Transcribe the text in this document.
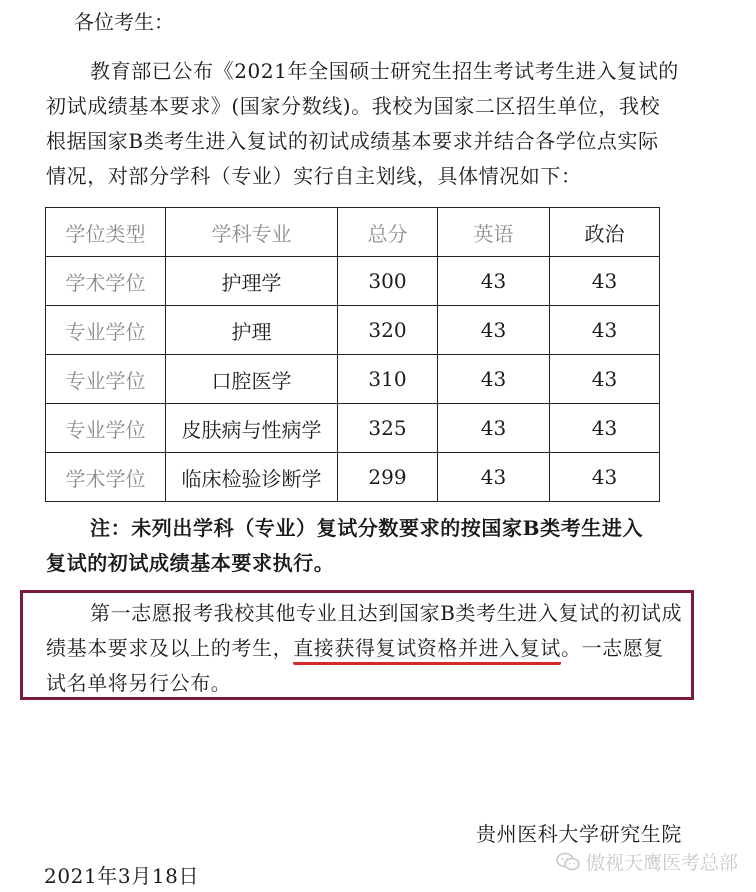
各位考生：
教育部已公布《2021年全国硕士研究生招生考试考生进入复试的
初试成绩基本要求》(国家分数线)。我校为国家二区招生单位，我校
根据国家B类考生进入复试的初试成绩基本要求并结合各学位点实际
情况，对部分学科（专业）实行自主划线，具体情况如下：
学位类型	学科专业	总分	英语	政治
学术学位	护理学	300	43	43
专业学位	护理	320	43	43
专业学位	口腔医学	310	43	43
专业学位	皮肤病与性病学	325	43	43
学术学位	临床检验诊断学	299	43	43
注：未列出学科（专业）复试分数要求的按国家B类考生进入
复试的初试成绩基本要求执行。
第一志愿报考我校其他专业且达到国家B类考生进入复试的初试成
绩基本要求及以上的考生，直接获得复试资格并进入复试。一志愿复
试名单将另行公布。
贵州医科大学研究生院
2021年3月18日
傲视天鹰医考总部
